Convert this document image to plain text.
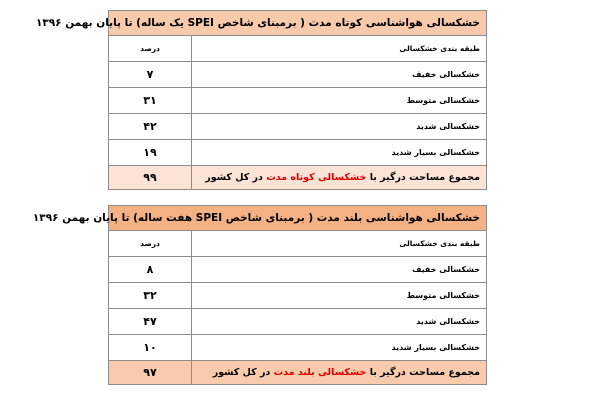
خشکسالی هواشناسی کوتاه مدت ( برمبنای شاخص SPEI یک ساله) تا پایان بهمن ۱۳۹۶	
طبقه بندی خشکسالی	درصد
خشکسالی خفیف	۷
خشکسالی متوسط	۳۱
خشکسالی شدید	۴۲
خشکسالی بسیار شدید	۱۹
مجموع مساحت درگیر با خشکسالی کوتاه مدت در کل کشور	۹۹
خشکسالی هواشناسی بلند مدت ( برمبنای شاخص SPEI هفت ساله) تا پایان بهمن ۱۳۹۶	
طبقه بندی خشکسالی	درصد
خشکسالی خفیف	۸
خشکسالی متوسط	۳۲
خشکسالی شدید	۴۷
خشکسالی بسیار شدید	۱۰
مجموع مساحت درگیر با خشکسالی بلند مدت در کل کشور	۹۷
